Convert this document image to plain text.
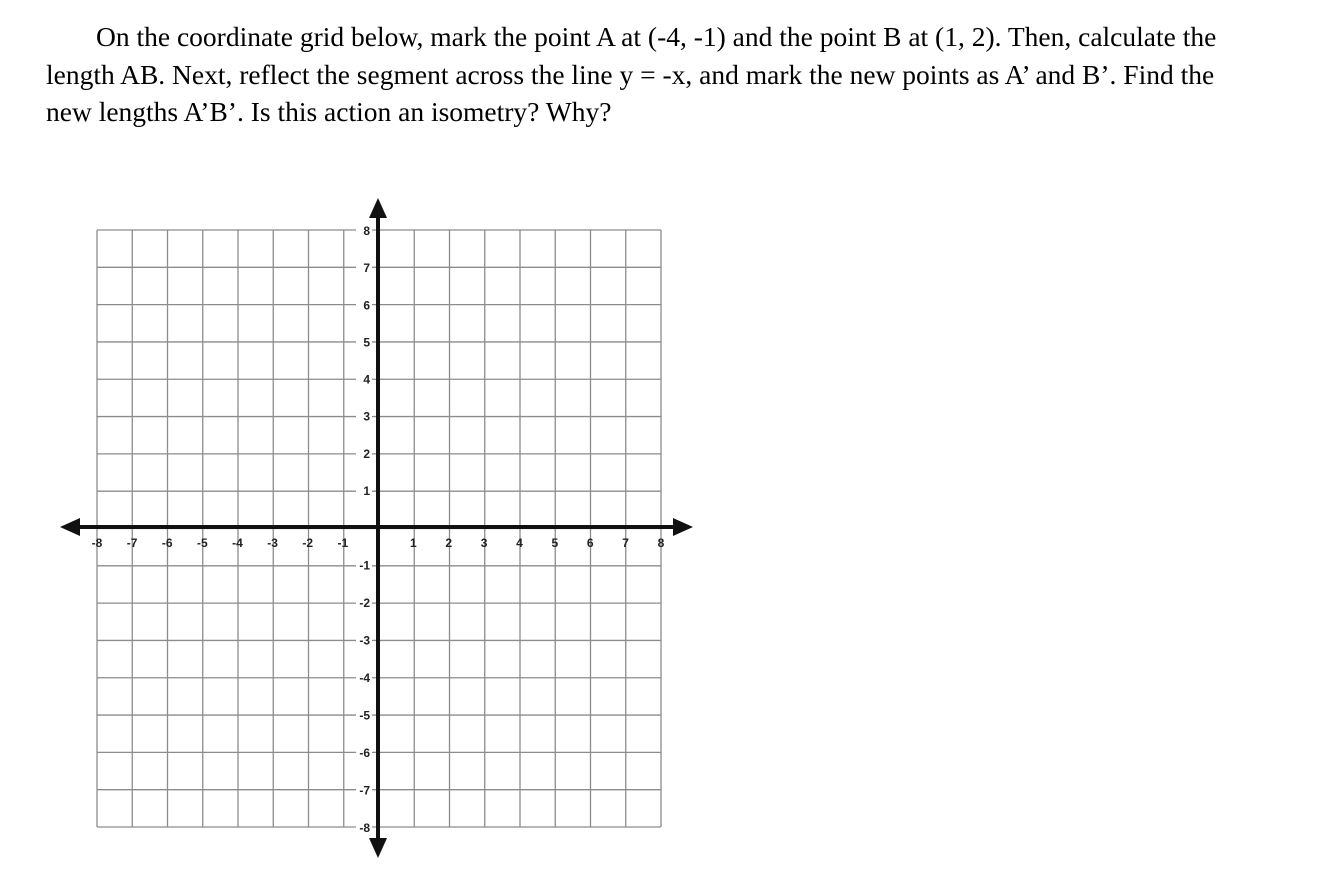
On the coordinate grid below, mark the point A at (-4, -1) and the point B at (1, 2). Then, calculate the length AB. Next, reflect the segment across the line y = -x, and mark the new points as A’ and B’. Find the new lengths A’B’. Is this action an isometry? Why?

-8 -7 -6 -5 -4 -3 -2 -1	1 2 3 4 5 6 7 8
8
7
6
5
4
3
2
1
-1
-2
-3
-4
-5
-6
-7
-8
